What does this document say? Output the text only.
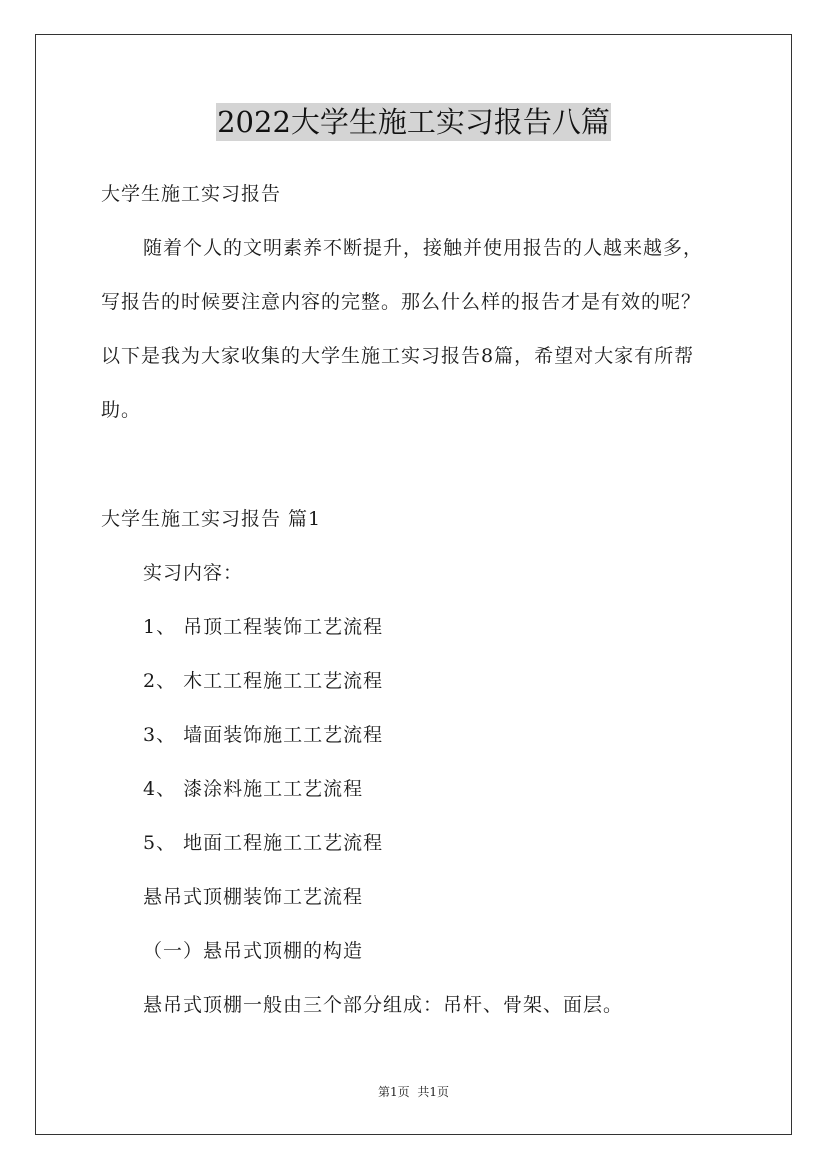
2022大学生施工实习报告八篇
大学生施工实习报告
随着个人的文明素养不断提升，接触并使用报告的人越来越多，
写报告的时候要注意内容的完整。那么什么样的报告才是有效的呢？
以下是我为大家收集的大学生施工实习报告8篇，希望对大家有所帮
助。
大学生施工实习报告 篇1
实习内容：
1、 吊顶工程装饰工艺流程
2、 木工工程施工工艺流程
3、 墙面装饰施工工艺流程
4、 漆涂料施工工艺流程
5、 地面工程施工工艺流程
悬吊式顶棚装饰工艺流程
（一）悬吊式顶棚的构造
悬吊式顶棚一般由三个部分组成：吊杆、骨架、面层。
第1页 共1页
